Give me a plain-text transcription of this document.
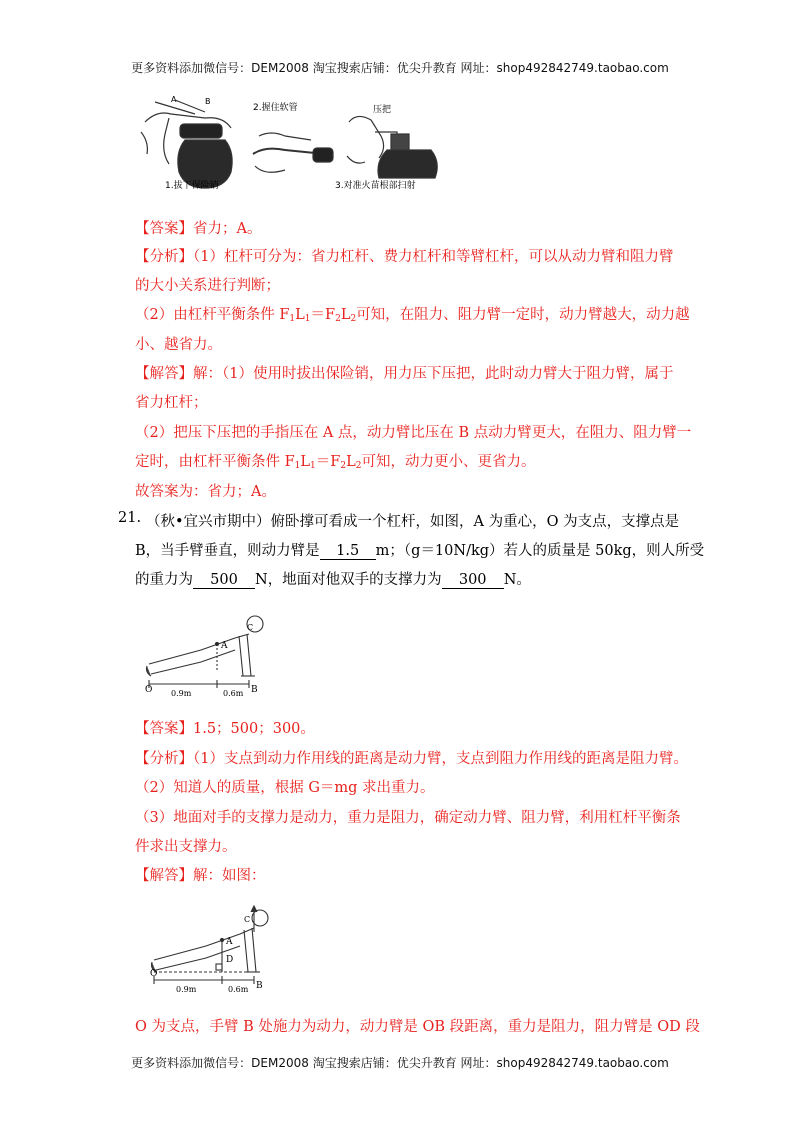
更多资料添加微信号：DEM2008 淘宝搜索店铺：优尖升教育 网址：shop492842749.taobao.com
A	B
1.拔下保险销
2.握住软管	压把
3.对准火苗根部扫射
【答案】省力；A。
【分析】（1）杠杆可分为：省力杠杆、费力杠杆和等臂杠杆，可以从动力臂和阻力臂
的大小关系进行判断；
（2）由杠杆平衡条件 $F_1L_1=F_2L_2$可知，在阻力、阻力臂一定时，动力臂越大，动力越
小、越省力。
【解答】解：（1）使用时拔出保险销，用力压下压把，此时动力臂大于阻力臂，属于
省力杠杆；
（2）把压下压把的手指压在 A 点，动力臂比压在 B 点动力臂更大，在阻力、阻力臂一
定时，由杠杆平衡条件 $F_1L_1=F_2L_2$可知，动力更小、更省力。
故答案为：省力；A。
21. （秋•宜兴市期中）俯卧撑可看成一个杠杆，如图，A 为重心，O 为支点，支撑点是
B，当手臂垂直，则动力臂是 1.5 m；（g＝10N/kg）若人的质量是 50kg，则人所受
的重力为 500 N，地面对他双手的支撑力为 300 N。
O
A
B
C
0.9m	0.6m
【答案】1.5；500；300。
【分析】（1）支点到动力作用线的距离是动力臂，支点到阻力作用线的距离是阻力臂。
（2）知道人的质量，根据 G＝mg 求出重力。
（3）地面对手的支撑力是动力，重力是阻力，确定动力臂、阻力臂，利用杠杆平衡条
件求出支撑力。
【解答】解：如图：
O
A
B
C
D
0.9m	0.6m
O 为支点，手臂 B 处施力为动力，动力臂是 OB 段距离，重力是阻力，阻力臂是 OD 段
更多资料添加微信号：DEM2008 淘宝搜索店铺：优尖升教育 网址：shop492842749.taobao.com
